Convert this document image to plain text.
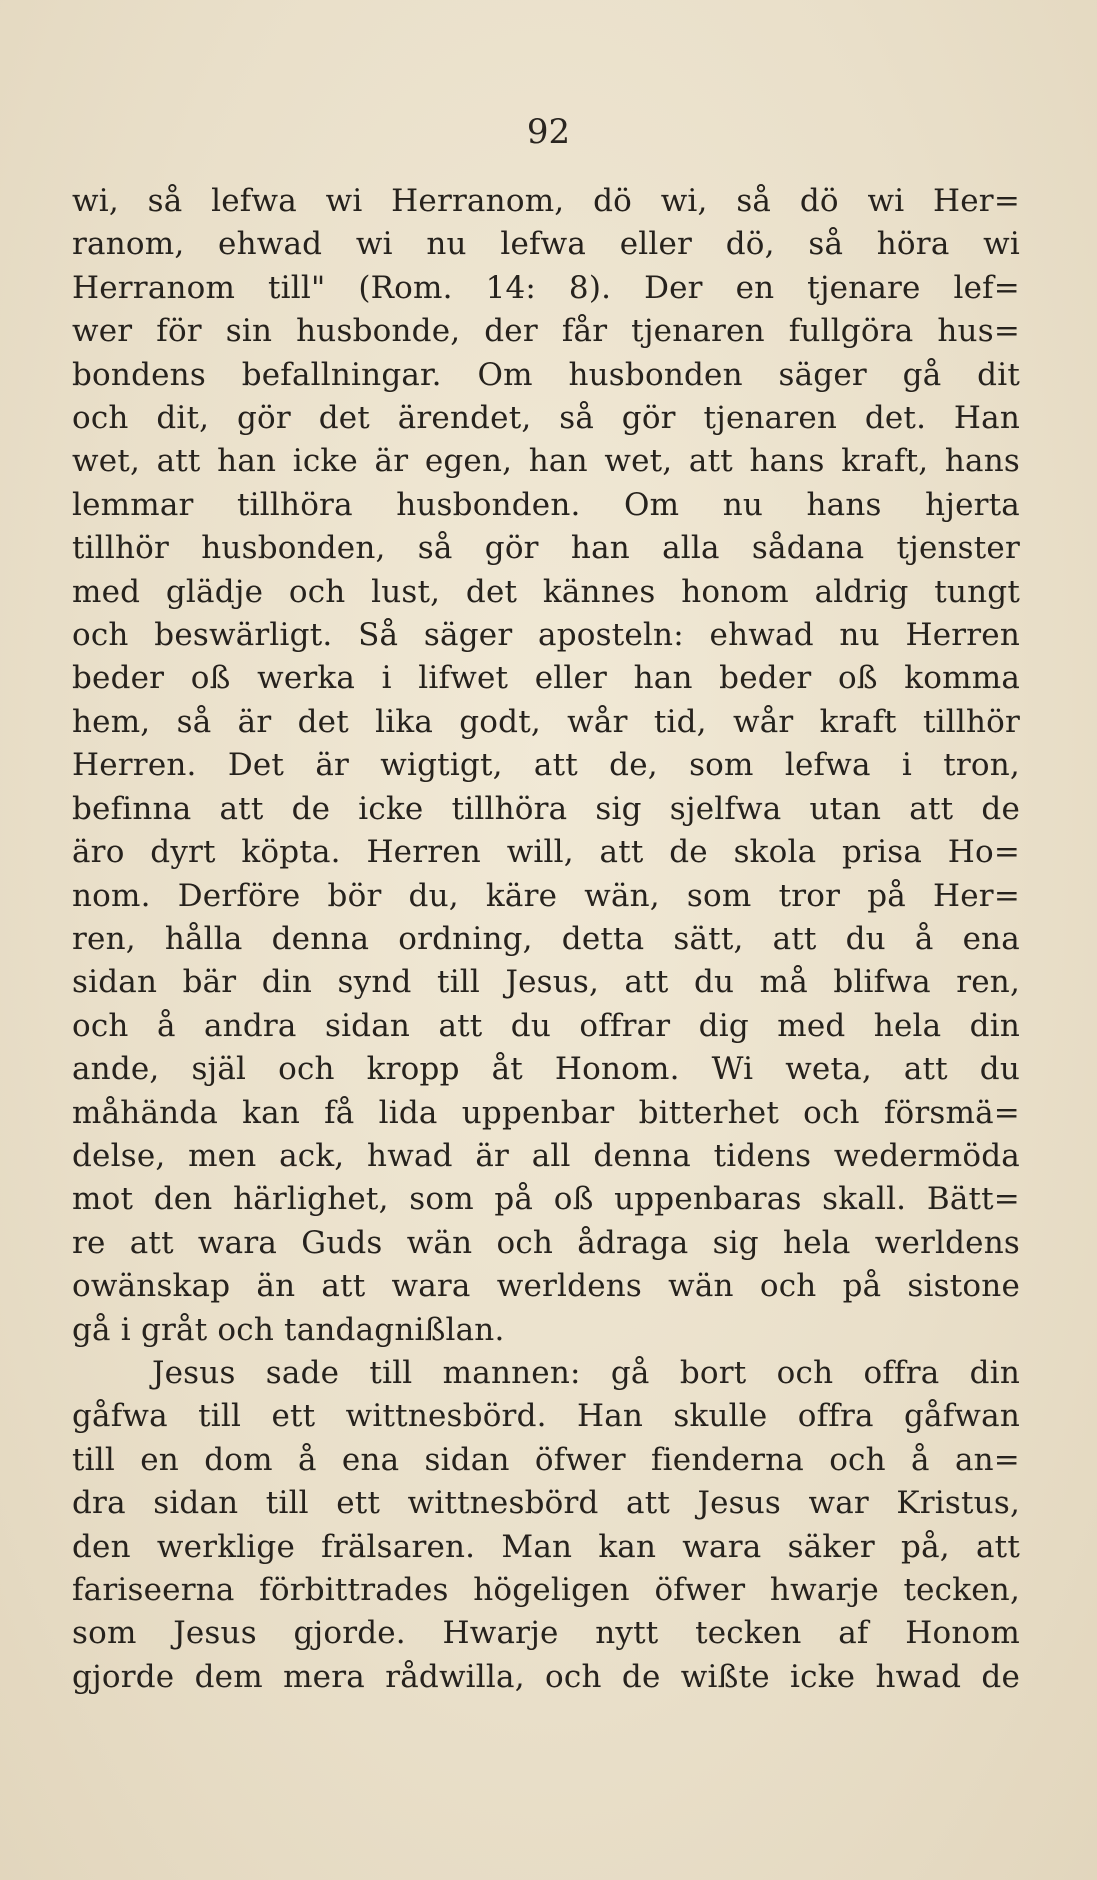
92
wi, så lefwa wi Herranom, dö wi, så dö wi Her=
ranom, ehwad wi nu lefwa eller dö, så höra wi
Herranom till" (Rom. 14: 8). Der en tjenare lef=
wer för sin husbonde, der får tjenaren fullgöra hus=
bondens befallningar. Om husbonden säger gå dit
och dit, gör det ärendet, så gör tjenaren det. Han
wet, att han icke är egen, han wet, att hans kraft, hans
lemmar tillhöra husbonden. Om nu hans hjerta
tillhör husbonden, så gör han alla sådana tjenster
med glädje och lust, det kännes honom aldrig tungt
och beswärligt. Så säger aposteln: ehwad nu Herren
beder oß werka i lifwet eller han beder oß komma
hem, så är det lika godt, wår tid, wår kraft tillhör
Herren. Det är wigtigt, att de, som lefwa i tron,
befinna att de icke tillhöra sig sjelfwa utan att de
äro dyrt köpta. Herren will, att de skola prisa Ho=
nom. Derföre bör du, käre wän, som tror på Her=
ren, hålla denna ordning, detta sätt, att du å ena
sidan bär din synd till Jesus, att du må blifwa ren,
och å andra sidan att du offrar dig med hela din
ande, själ och kropp åt Honom. Wi weta, att du
måhända kan få lida uppenbar bitterhet och försmä=
delse, men ack, hwad är all denna tidens wedermöda
mot den härlighet, som på oß uppenbaras skall. Bätt=
re att wara Guds wän och ådraga sig hela werldens
owänskap än att wara werldens wän och på sistone
gå i gråt och tandagnißlan.
Jesus sade till mannen: gå bort och offra din
gåfwa till ett wittnesbörd. Han skulle offra gåfwan
till en dom å ena sidan öfwer fienderna och å an=
dra sidan till ett wittnesbörd att Jesus war Kristus,
den werklige frälsaren. Man kan wara säker på, att
fariseerna förbittrades högeligen öfwer hwarje tecken,
som Jesus gjorde. Hwarje nytt tecken af Honom
gjorde dem mera rådwilla, och de wißte icke hwad de
